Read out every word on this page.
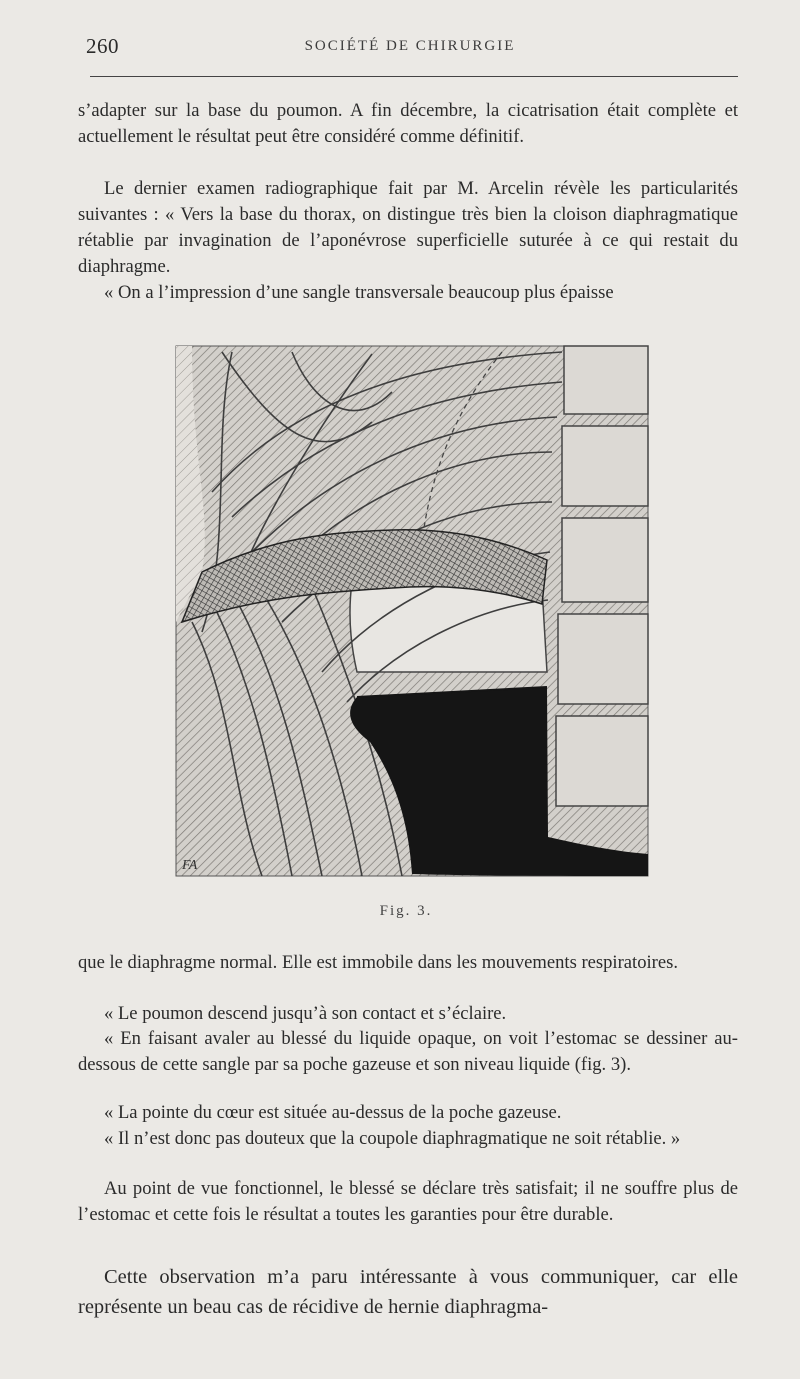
260	SOCIÉTÉ DE CHIRURGIE

s’adapter sur la base du poumon. A fin décembre, la cicatrisation était complète et actuellement le résultat peut être considéré comme définitif.

Le dernier examen radiographique fait par M. Arcelin révèle les particularités suivantes : « Vers la base du thorax, on distingue très bien la cloison diaphragmatique rétablie par invagination de l’aponévrose superficielle suturée à ce qui restait du diaphragme.

« On a l’impression d’une sangle transversale beaucoup plus épaisse

FA
Fig. 3.

que le diaphragme normal. Elle est immobile dans les mouvements respiratoires.

« Le poumon descend jusqu’à son contact et s’éclaire.

« En faisant avaler au blessé du liquide opaque, on voit l’estomac se dessiner au-dessous de cette sangle par sa poche gazeuse et son niveau liquide (fig. 3).

« La pointe du cœur est située au-dessus de la poche gazeuse.

« Il n’est donc pas douteux que la coupole diaphragmatique ne soit rétablie. »

Au point de vue fonctionnel, le blessé se déclare très satisfait; il ne souffre plus de l’estomac et cette fois le résultat a toutes les garanties pour être durable.

Cette observation m’a paru intéressante à vous communiquer, car elle représente un beau cas de récidive de hernie diaphragma-
